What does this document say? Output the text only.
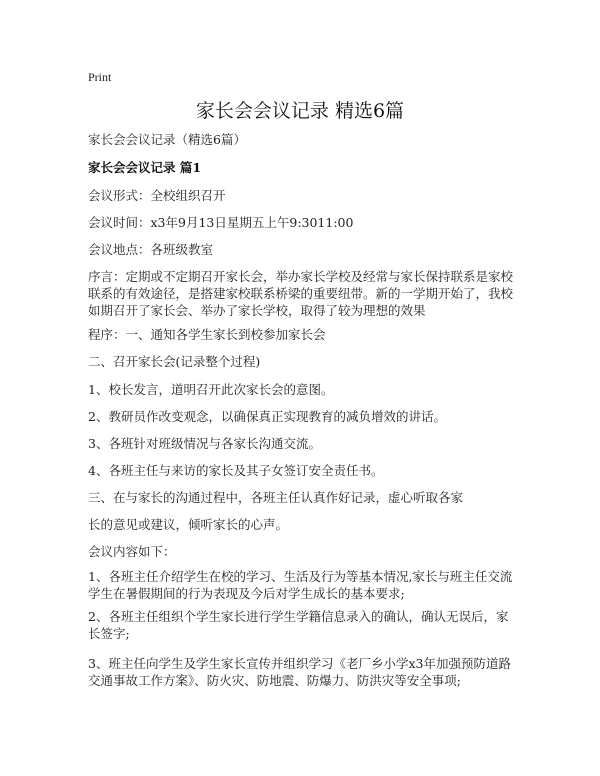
Print
家长会会议记录 精选6篇

家长会会议记录（精选6篇）

家长会会议记录 篇1

会议形式：全校组织召开

会议时间：x3年9月13日星期五上午9:3011:00

会议地点：各班级教室

序言：定期或不定期召开家长会，举办家长学校及经常与家长保持联系是家校联系的有效途径，是搭建家校联系桥梁的重要纽带。新的一学期开始了，我校如期召开了家长会、举办了家长学校，取得了较为理想的效果

程序：一、通知各学生家长到校参加家长会

二、召开家长会(记录整个过程)

1、校长发言，道明召开此次家长会的意图。

2、教研员作改变观念，以确保真正实现教育的减负增效的讲话。

3、各班针对班级情况与各家长沟通交流。

4、各班主任与来访的家长及其子女签订安全责任书。

三、在与家长的沟通过程中，各班主任认真作好记录，虚心听取各家

长的意见或建议，倾听家长的心声。

会议内容如下：

1、各班主任介绍学生在校的学习、生活及行为等基本情况,家长与班主任交流学生在暑假期间的行为表现及今后对学生成长的基本要求;

2、各班主任组织个学生家长进行学生学籍信息录入的确认，确认无误后，家长签字;

3、班主任向学生及学生家长宣传并组织学习《老厂乡小学x3年加强预防道路交通事故工作方案》、防火灾、防地震、防爆力、防洪灾等安全事项;
